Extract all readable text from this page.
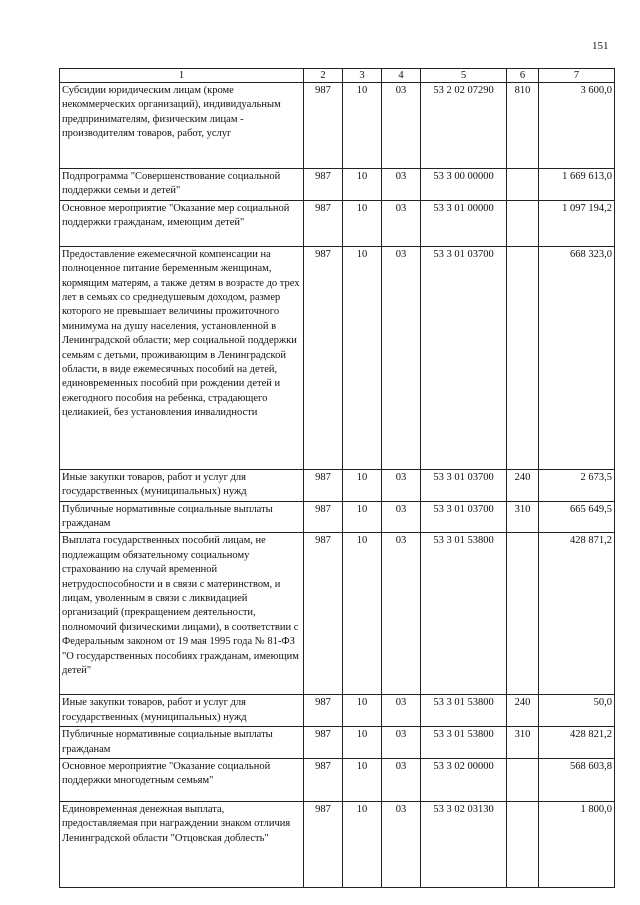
151
1	2	3	4	5	6	7
Субсидии юридическим лицам (кроме некоммерческих организаций), индивидуальным предпринимателям, физическим лицам - производителям товаров, работ, услуг	987	10	03	53 2 02 07290	810	3 600,0
Подпрограмма "Совершенствование социальной поддержки семьи и детей"	987	10	03	53 3 00 00000		1 669 613,0
Основное мероприятие "Оказание мер социальной поддержки гражданам, имеющим детей"	987	10	03	53 3 01 00000		1 097 194,2
Предоставление ежемесячной компенсации на полноценное питание беременным женщинам, кормящим матерям, а также детям в возрасте до трех лет в семьях со среднедушевым доходом, размер которого не превышает величины прожиточного минимума на душу населения, установленной в Ленинградской области; мер социальной поддержки семьям с детьми, проживающим в Ленинградской области, в виде ежемесячных пособий на детей, единовременных пособий при рождении детей и ежегодного пособия на ребенка, страдающего целиакией, без установления инвалидности	987	10	03	53 3 01 03700		668 323,0
Иные закупки товаров, работ и услуг для государственных (муниципальных) нужд	987	10	03	53 3 01 03700	240	2 673,5
Публичные нормативные социальные выплаты гражданам	987	10	03	53 3 01 03700	310	665 649,5
Выплата государственных пособий лицам, не подлежащим обязательному социальному страхованию на случай временной нетрудоспособности и в связи с материнством, и лицам, уволенным в связи с ликвидацией организаций (прекращением деятельности, полномочий физическими лицами), в соответствии с Федеральным законом от 19 мая 1995 года № 81-ФЗ "О государственных пособиях гражданам, имеющим детей"	987	10	03	53 3 01 53800		428 871,2
Иные закупки товаров, работ и услуг для государственных (муниципальных) нужд	987	10	03	53 3 01 53800	240	50,0
Публичные нормативные социальные выплаты гражданам	987	10	03	53 3 01 53800	310	428 821,2
Основное мероприятие "Оказание социальной поддержки многодетным семьям"	987	10	03	53 3 02 00000		568 603,8
Единовременная денежная выплата, предоставляемая при награждении знаком отличия Ленинградской области "Отцовская доблесть"	987	10	03	53 3 02 03130		1 800,0
